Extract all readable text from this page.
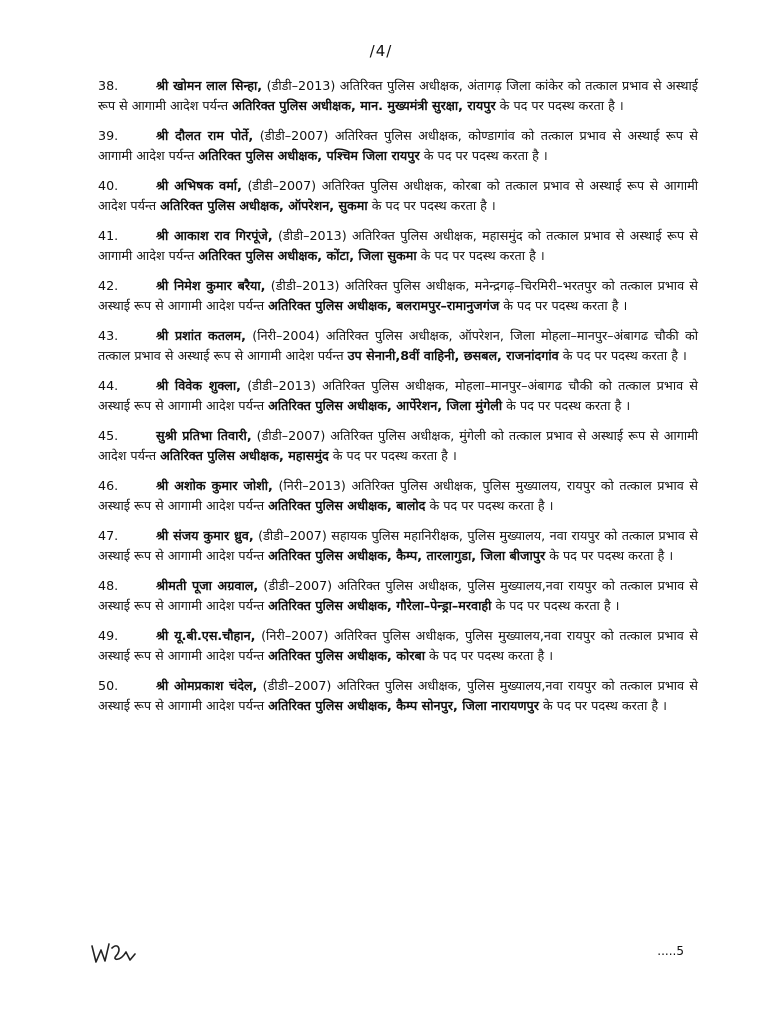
/4/

38.	श्री खोमन लाल सिन्हा, (डीडी–2013) अतिरिक्त पुलिस अधीक्षक, अंतागढ़ जिला कांकेर को तत्काल प्रभाव से अस्थाई रूप से आगामी आदेश पर्यन्त अतिरिक्त पुलिस अधीक्षक, मान. मुख्यमंत्री सुरक्षा, रायपुर के पद पर पदस्थ करता है ।

39.	श्री दौलत राम पोर्ते, (डीडी–2007) अतिरिक्त पुलिस अधीक्षक, कोण्डागांव को तत्काल प्रभाव से अस्थाई रूप से आगामी आदेश पर्यन्त अतिरिक्त पुलिस अधीक्षक, पश्चिम जिला रायपुर के पद पर पदस्थ करता है ।

40.	श्री अभिषक वर्मा, (डीडी–2007) अतिरिक्त पुलिस अधीक्षक, कोरबा को तत्काल प्रभाव से अस्थाई रूप से आगामी आदेश पर्यन्त अतिरिक्त पुलिस अधीक्षक, ऑपरेशन, सुकमा के पद पर पदस्थ करता है ।

41.	श्री आकाश राव गिरपूंजे, (डीडी–2013) अतिरिक्त पुलिस अधीक्षक, महासमुंद को तत्काल प्रभाव से अस्थाई रूप से आगामी आदेश पर्यन्त अतिरिक्त पुलिस अधीक्षक, कोंटा, जिला सुकमा के पद पर पदस्थ करता है ।

42.	श्री निमेश कुमार बरैया, (डीडी–2013) अतिरिक्त पुलिस अधीक्षक, मनेन्द्रगढ़–चिरमिरी–भरतपुर को तत्काल प्रभाव से अस्थाई रूप से आगामी आदेश पर्यन्त अतिरिक्त पुलिस अधीक्षक, बलरामपुर–रामानुजगंज के पद पर पदस्थ करता है ।

43.	श्री प्रशांत कतलम, (निरी–2004) अतिरिक्त पुलिस अधीक्षक, ऑपरेशन, जिला मोहला–मानपुर–अंबागढ चौकी को तत्काल प्रभाव से अस्थाई रूप से आगामी आदेश पर्यन्त उप सेनानी,8वीं वाहिनी, छसबल, राजनांदगांव के पद पर पदस्थ करता है ।

44.	श्री विवेक शुक्ला, (डीडी–2013) अतिरिक्त पुलिस अधीक्षक, मोहला–मानपुर–अंबागढ चौकी को तत्काल प्रभाव से अस्थाई रूप से आगामी आदेश पर्यन्त अतिरिक्त पुलिस अधीक्षक, आर्पेरेशन, जिला मुंगेली के पद पर पदस्थ करता है ।

45.	सुश्री प्रतिभा तिवारी, (डीडी–2007) अतिरिक्त पुलिस अधीक्षक, मुंगेली को तत्काल प्रभाव से अस्थाई रूप से आगामी आदेश पर्यन्त अतिरिक्त पुलिस अधीक्षक, महासमुंद के पद पर पदस्थ करता है ।

46.	श्री अशोक कुमार जोशी, (निरी–2013) अतिरिक्त पुलिस अधीक्षक, पुलिस मुख्यालय, रायपुर को तत्काल प्रभाव से अस्थाई रूप से आगामी आदेश पर्यन्त अतिरिक्त पुलिस अधीक्षक, बालोद के पद पर पदस्थ करता है ।

47.	श्री संजय कुमार ध्रुव, (डीडी–2007) सहायक पुलिस महानिरीक्षक, पुलिस मुख्यालय, नवा रायपुर को तत्काल प्रभाव से अस्थाई रूप से आगामी आदेश पर्यन्त अतिरिक्त पुलिस अधीक्षक, कैम्प, तारलागुडा, जिला बीजापुर के पद पर पदस्थ करता है ।

48.	श्रीमती पूजा अग्रवाल, (डीडी–2007) अतिरिक्त पुलिस अधीक्षक, पुलिस मुख्यालय,नवा रायपुर को तत्काल प्रभाव से अस्थाई रूप से आगामी आदेश पर्यन्त अतिरिक्त पुलिस अधीक्षक, गौरेला–पेन्ड्रा–मरवाही के पद पर पदस्थ करता है ।

49.	श्री यू.बी.एस.चौहान, (निरी–2007) अतिरिक्त पुलिस अधीक्षक, पुलिस मुख्यालय,नवा रायपुर को तत्काल प्रभाव से अस्थाई रूप से आगामी आदेश पर्यन्त अतिरिक्त पुलिस अधीक्षक, कोरबा के पद पर पदस्थ करता है ।

50.	श्री ओमप्रकाश चंदेल, (डीडी–2007) अतिरिक्त पुलिस अधीक्षक, पुलिस मुख्यालय,नवा रायपुर को तत्काल प्रभाव से अस्थाई रूप से आगामी आदेश पर्यन्त अतिरिक्त पुलिस अधीक्षक, कैम्प सोनपुर, जिला नारायणपुर के पद पर पदस्थ करता है ।

.....5
